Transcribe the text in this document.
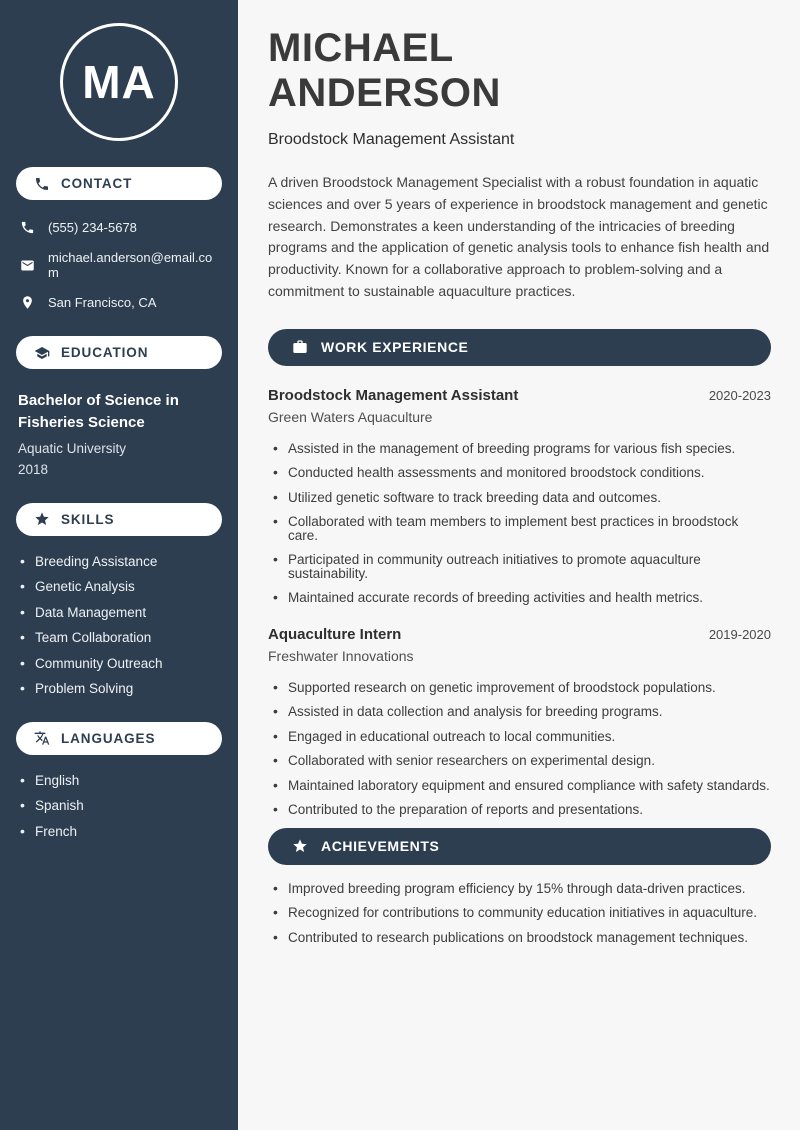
MA
CONTACT
(555) 234-5678
michael.anderson@email.com
San Francisco, CA
EDUCATION
Bachelor of Science in Fisheries Science
Aquatic University
2018
SKILLS
• Breeding Assistance
• Genetic Analysis
• Data Management
• Team Collaboration
• Community Outreach
• Problem Solving
LANGUAGES
• English
• Spanish
• French
MICHAEL
ANDERSON
Broodstock Management Assistant

A driven Broodstock Management Specialist with a robust foundation in aquatic sciences and over 5 years of experience in broodstock management and genetic research. Demonstrates a keen understanding of the intricacies of breeding programs and the application of genetic analysis tools to enhance fish health and productivity. Known for a collaborative approach to problem-solving and a commitment to sustainable aquaculture practices.

WORK EXPERIENCE
Broodstock Management Assistant	2020-2023
Green Waters Aquaculture
• Assisted in the management of breeding programs for various fish species.
• Conducted health assessments and monitored broodstock conditions.
• Utilized genetic software to track breeding data and outcomes.
• Collaborated with team members to implement best practices in broodstock care.
• Participated in community outreach initiatives to promote aquaculture sustainability.
• Maintained accurate records of breeding activities and health metrics.
Aquaculture Intern	2019-2020
Freshwater Innovations
• Supported research on genetic improvement of broodstock populations.
• Assisted in data collection and analysis for breeding programs.
• Engaged in educational outreach to local communities.
• Collaborated with senior researchers on experimental design.
• Maintained laboratory equipment and ensured compliance with safety standards.
• Contributed to the preparation of reports and presentations.
ACHIEVEMENTS
• Improved breeding program efficiency by 15% through data-driven practices.
• Recognized for contributions to community education initiatives in aquaculture.
• Contributed to research publications on broodstock management techniques.
